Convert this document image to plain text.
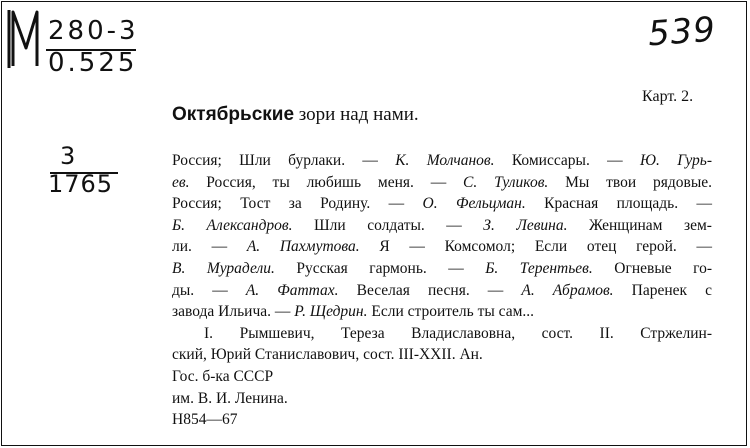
280-3
0.525
539
3
1765
Карт. 2.
Октябрьские зори над нами.
Россия; Шли бурлаки. — К. Молчанов. Комиссары. — Ю. Гурь-
ев. Россия, ты любишь меня. — С. Туликов. Мы твои рядовые.
Россия; Тост за Родину. — О. Фельцман. Красная площадь. —
Б. Александров. Шли солдаты. — З. Левина. Женщинам зем-
ли. — А. Пахмутова. Я — Комсомол; Если отец герой. —
В. Мурадели. Русская гармонь. — Б. Терентьев. Огневые го-
ды. — А. Фаттах. Веселая песня. — А. Абрамов. Паренек с
завода Ильича. — Р. Щедрин. Если строитель ты сам...
I. Рымшевич, Тереза Владиславовна, сост. II. Стржелин-
ский, Юрий Станиславович, сост. III-XXII. Ан.
Гос. б-ка СССР
им. В. И. Ленина.
Н854—67
